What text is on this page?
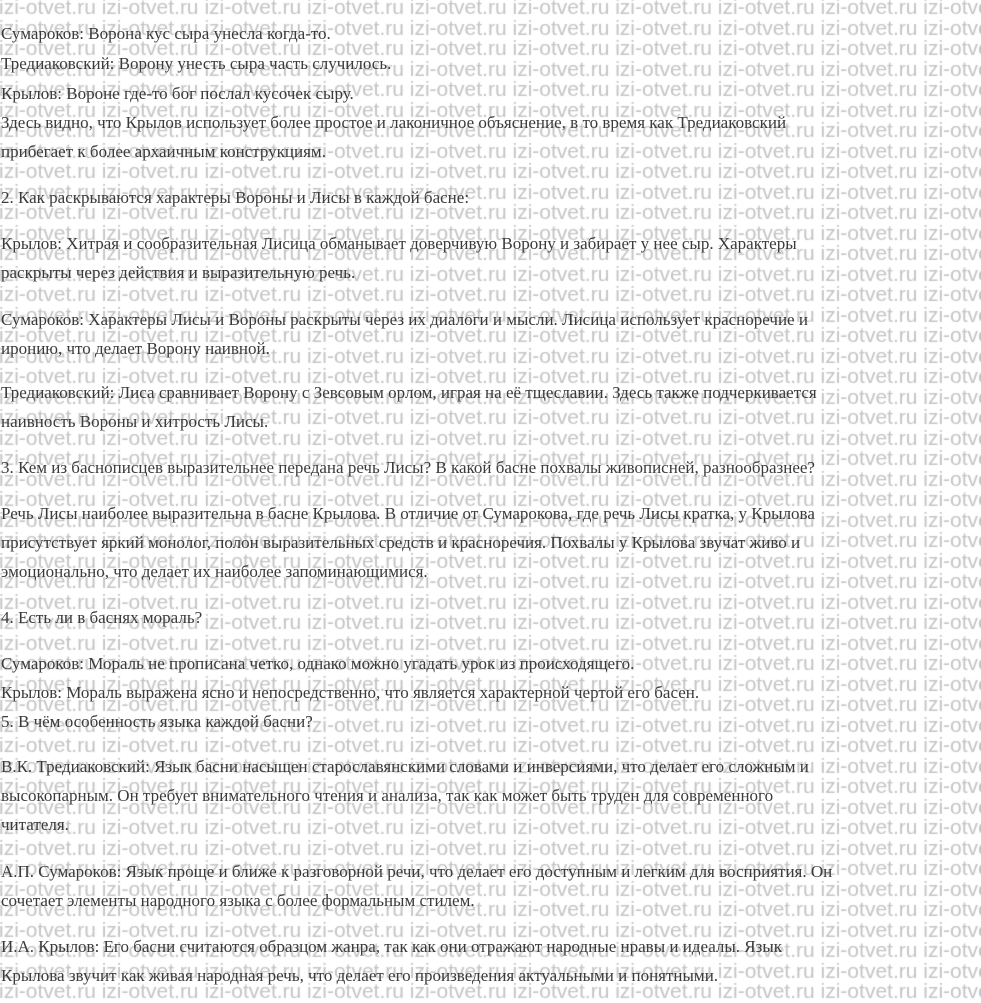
Сумароков: Ворона кус сыра унесла когда-то.
Тредиаковский: Ворону унесть сыра часть случилось.
Крылов: Вороне где-то бог послал кусочек сыру.
Здесь видно, что Крылов использует более простое и лаконичное объяснение, в то время как Тредиаковский
прибегает к более архаичным конструкциям.
2. Как раскрываются характеры Вороны и Лисы в каждой басне:
Крылов: Хитрая и сообразительная Лисица обманывает доверчивую Ворону и забирает у нее сыр. Характеры
раскрыты через действия и выразительную речь.
Сумароков: Характеры Лисы и Вороны раскрыты через их диалоги и мысли. Лисица использует красноречие и
иронию, что делает Ворону наивной.
Тредиаковский: Лиса сравнивает Ворону с Зевсовым орлом, играя на её тщеславии. Здесь также подчеркивается
наивность Вороны и хитрость Лисы.
3. Кем из баснописцев выразительнее передана речь Лисы? В какой басне похвалы живописней, разнообразнее?
Речь Лисы наиболее выразительна в басне Крылова. В отличие от Сумарокова, где речь Лисы кратка, у Крылова
присутствует яркий монолог, полон выразительных средств и красноречия. Похвалы у Крылова звучат живо и
эмоционально, что делает их наиболее запоминающимися.
4. Есть ли в баснях мораль?
Сумароков: Мораль не прописана четко, однако можно угадать урок из происходящего.
Крылов: Мораль выражена ясно и непосредственно, что является характерной чертой его басен.
5. В чём особенность языка каждой басни?
В.К. Тредиаковский: Язык басни насыщен старославянскими словами и инверсиями, что делает его сложным и
высокопарным. Он требует внимательного чтения и анализа, так как может быть труден для современного
читателя.
А.П. Сумароков: Язык проще и ближе к разговорной речи, что делает его доступным и легким для восприятия. Он
сочетает элементы народного языка с более формальным стилем.
И.А. Крылов: Его басни считаются образцом жанра, так как они отражают народные нравы и идеалы. Язык
Крылова звучит как живая народная речь, что делает его произведения актуальными и понятными.
